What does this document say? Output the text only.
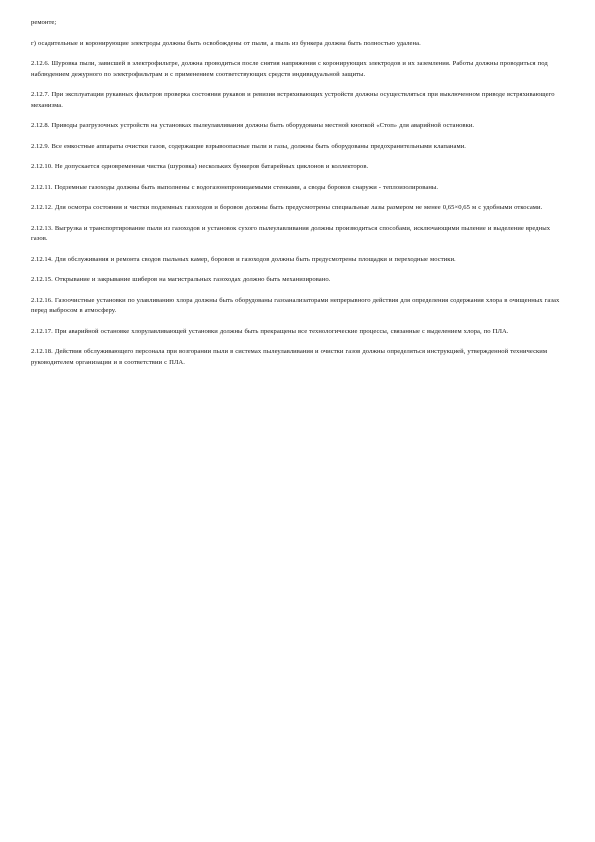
ремонте;

г) осадительные и коронирующие электроды должны быть освобождены от пыли, а пыль из бункера должна быть полностью удалена.

2.12.6. Шуровка пыли, зависшей в электрофильтре, должна проводиться после снятия напряжения с коронирующих электродов и их заземления. Работы должны проводиться под наблюдением дежурного по электрофильтрам и с применением соответствующих средств индивидуальной защиты.

2.12.7. При эксплуатации рукавных фильтров проверка состояния рукавов и ревизия встряхивающих устройств должны осуществляться при выключенном приводе встряхивающего механизма.

2.12.8. Приводы разгрузочных устройств на установках пылеулавливания должны быть оборудованы местной кнопкой «Стоп» для аварийной остановки.

2.12.9. Все емкостные аппараты очистки газов, содержащие взрывоопасные пыли и газы, должны быть оборудованы предохранительными клапанами.

2.12.10. Не допускается одновременная чистка (шуровка) нескольких бункеров батарейных циклонов и коллекторов.

2.12.11. Подземные газоходы должны быть выполнены с водогазонепроницаемыми стенками, а своды боровов снаружи - теплоизолированы.

2.12.12. Для осмотра состояния и чистки подземных газоходов и боровов должны быть предусмотрены специальные лазы размером не менее 0,65×0,65 м с удобными откосами.

2.12.13. Выгрузка и транспортирование пыли из газоходов и установок сухого пылеулавливания должны производиться способами, исключающими пыление и выделение вредных газов.

2.12.14. Для обслуживания и ремонта сводов пыльных камер, боровов и газоходов должны быть предусмотрены площадки и переходные мостики.

2.12.15. Открывание и закрывание шиберов на магистральных газоходах должно быть механизировано.

2.12.16. Газоочистные установки по улавливанию хлора должны быть оборудованы газоанализаторами непрерывного действия для определения содержания хлора в очищенных газах перед выбросом в атмосферу.

2.12.17. При аварийной остановке хлорулавливающей установки должны быть прекращены все технологические процессы, связанные с выделением хлора, по ПЛА.

2.12.18. Действия обслуживающего персонала при возгорании пыли в системах пылеулавливания и очистки газов должны определяться инструкцией, утвержденной техническим руководителем организации и в соответствии с ПЛА.
